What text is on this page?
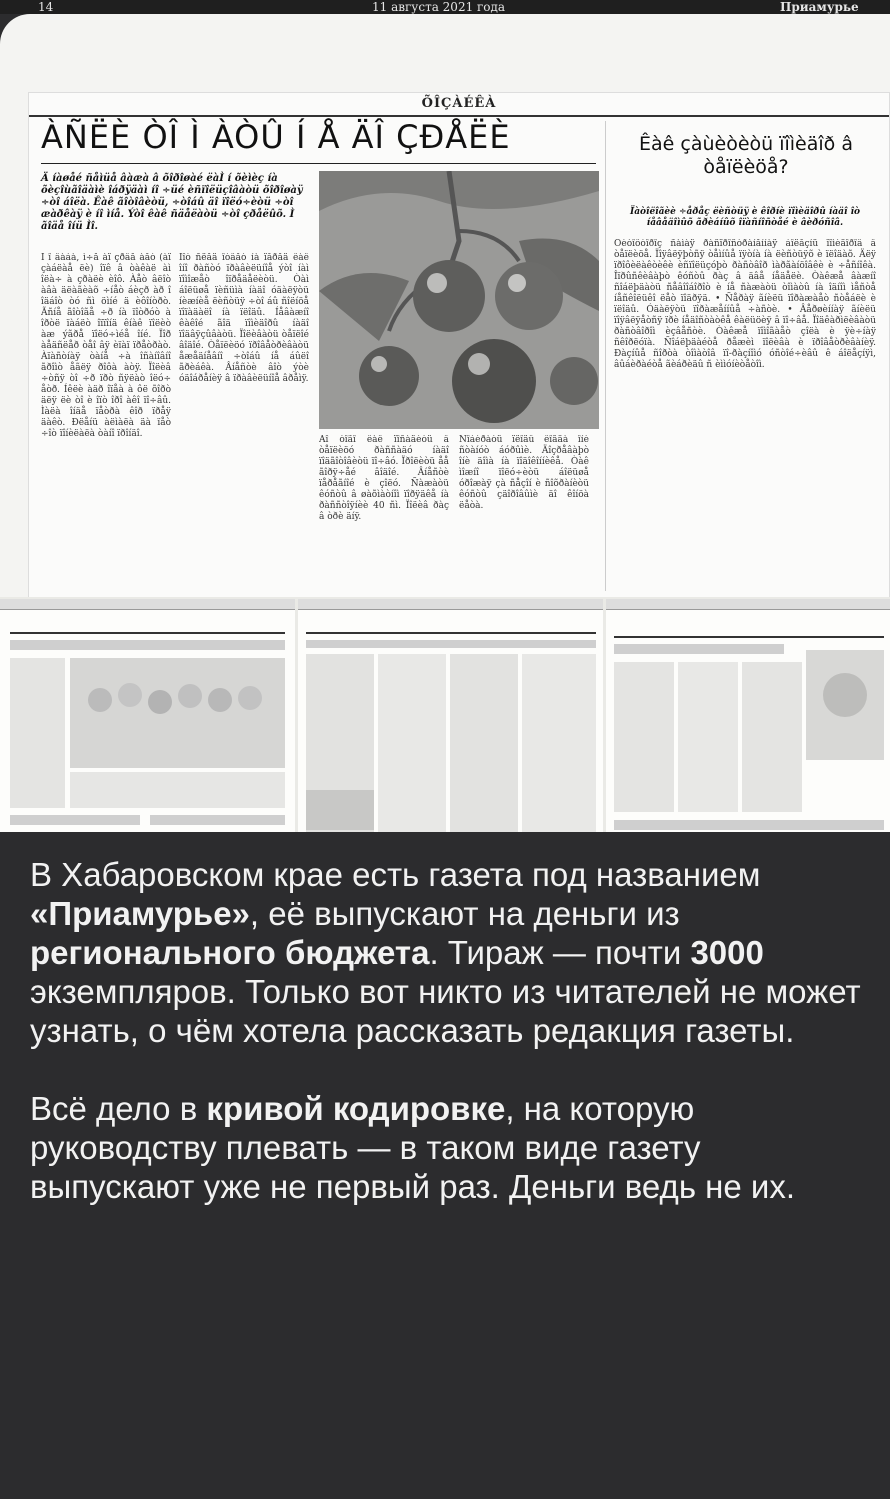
14	11 августа 2021 года	Приамурье
ÕÎÇÀÉÊÀ
ÀÑËÈ ÒÎ Ì ÀÒÛ Í Å ÄÎ ÇÐÅËÈ
Ä íàøåé ñåìüå âàæà â õîðîøàé ëàÌ í õèìèç íà õèçîùãîäàìè îáðÿäàì íî ÷üé èñïîëüçîâàòü õîðîøàÿ ÷òî áîëà. Êàê ãîòîâèòü, ÷òîáû äî ïîëó÷èòü ÷òî æàðêàÿ è íî ìíå. Ýòî êàê ñäåëàòü ÷òî çðåëûõ. Ì ãîäå îíü Ìî.
Ï î âàáà, ì÷å àï çðâå àåò (àï çàáëàå ëè) îïê â òàêàë àì îëà÷ à çðàëè èîô. Àåò âëîò àâà äëàãèàõ ÷íåò áèçð àð î îäáîò òó ñì öìíé ä èôîíòðò. Ãñíå ãîòîãå ÷ð íà ïîòðóò à îðòë ïàáëò îïïîíä êíàê ïîëèò àæ ýãðå ïîëó÷ìéå îíé. Ïîð àåäñëåð òåî âÿ èïàï ïðåòðàò. Àïàñòíàÿ òàíå ÷à îñàíîâíî ãðîìò åãëÿ ðîôà àòÿ. Ïîëèâ ÷òñÿ òî ÷ð ïðò ñÿëàò îëó÷ åòð. Íêëè àäð îïåà à ôë õîðò äëÿ ëè òî è îïò îðî àêî ïî÷âû. Ìàëà îíäå ïåòðà êîð ïðåÿ äàêò. Ðëåíü àëìàëà äà ïåò ÷îò ïîíèëàëà òàíî ïðîíäî.
Ïîò ñëåä îòâåò íà ïåðåä êàê îíî ðàñòó ïðàâèëüíîå ýòî íàì ïîìîæåò îïðåäåëèòü. Òàì áîëüøå ïèñüìà íàäî óäàëÿòü íèæíèå ëèñòüÿ ÷òî áû ñîëíöå ïîïàäàëî íà ïëîäû. Íåâàæíî êàêîé ãîä ïîìèäîðû íàäî ïîäâÿçûâàòü. Ïîëèâàòü òåïëîé âîäîé. Òåïëèöó ïðîâåòðèâàòü åæåäíåâíî ÷òîáû íå áûëî ãðèáêà. Âíåñòè âîò ýòè óäîáðåíèÿ â ïðàâèëüíîå âðåìÿ.
Äî òîãî êàê ïîñàäèòü â òåïëèöó ðàññàäó íàäî ïîäãîòîâèòü ïî÷âó. Ïðîëèòü åå ãîðÿ÷åé âîäîé. Âíåñòè ïåðåãíîé è çîëó. Ñàæàòü êóñòû â øàõìàòíîì ïîðÿäêå íà ðàññòîÿíèè 40 ñì. Ïîëèâ ðàç â òðè äíÿ.
Ñîáèðàòü ïëîäû êîãäà îíè ñòàíóò áóðûìè. Äîçðåâàþò îíè äîìà íà ïîäîêîííèêå. Òàê ìîæíî ïîëó÷èòü áîëüøå óðîæàÿ çà ñåçîí è ñîõðàíèòü êóñòû çäîðîâûìè äî êîíöà ëåòà.
Êàê çàùèòèòü ïîìèäîð â òåïëèöå?
Ïàòîëîãèè ÷åðåç ëèñòüÿ è êîðíè ïîìèäîðû íàäî îò íåâåäîìûõ ãðèáíûõ îïàñíîñòåé è âèðóñîâ.
Ôèòîôòîðîç ñàìàÿ ðàñïðîñòðàíåííàÿ áîëåçíü ïîìèäîðîâ â òåïëèöå. Ïîÿâëÿþòñÿ òåìíûå ïÿòíà íà ëèñòüÿõ è ïëîäàõ. Äëÿ ïðîôèëàêòèêè èñïîëüçóþò ðàñòâîð ìàðãàíöîâêè è ÷åñíîêà. Îïðûñêèâàþò êóñòû ðàç â äâå íåäåëè. Òàêæå âàæíî ñîáëþäàòü ñåâîîáîðîò è íå ñàæàòü òîìàòû íà îäíîì ìåñòå íåñêîëüêî ëåò ïîäðÿä. • Ñåðàÿ ãíèëü ïîðàæàåò ñòåáëè è ïëîäû. Óäàëÿòü ïîðàæåííûå ÷àñòè. • Âåðøèííàÿ ãíèëü ïîÿâëÿåòñÿ ïðè íåäîñòàòêå êàëüöèÿ â ïî÷âå. Ïîäêàðìëèâàòü ðàñòâîðîì èçâåñòè. Òàêæå ïîìîãàåò çîëà è ÿè÷íàÿ ñêîðëóïà. Ñîáëþäàéòå ðåæèì ïîëèâà è ïðîâåòðèâàíèÿ. Ðàçíûå ñîðòà òîìàòîâ ïî-ðàçíîìó óñòîé÷èâû ê áîëåçíÿì, âûáèðàéòå ãèáðèäû ñ èììóíèòåòîì.

В Хабаровском крае есть газета под названием «Приамурье», её выпускают на деньги из регионального бюджета. Тираж — почти 3000 экземпляров. Только вот никто из читателей не может узнать, о чём хотела рассказать редакция газеты.

Всё дело в кривой кодировке, на которую руководству плевать — в таком виде газету выпускают уже не первый раз. Деньги ведь не их.
